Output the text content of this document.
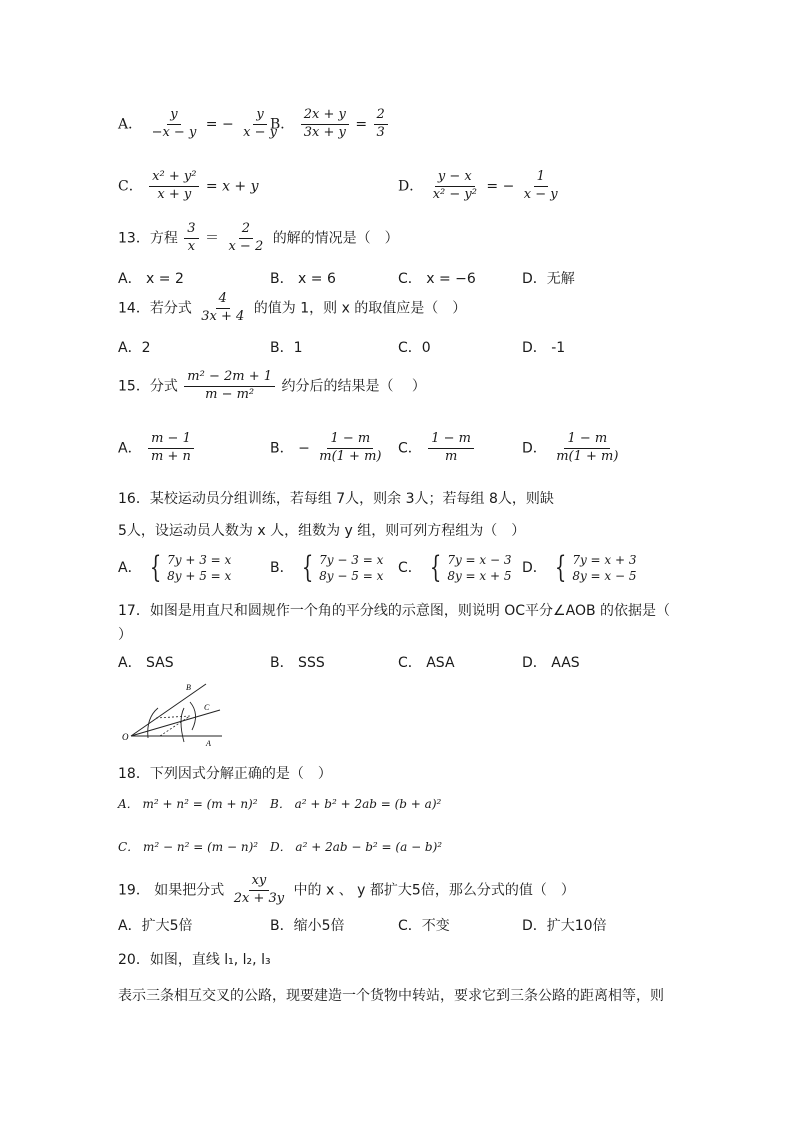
A． $\frac{y}{-x - y}$ = − $\frac{y}{x - y}$
B． $\frac{2x + y}{3x + y} = \frac{2}{3}$
C． $\frac{\text{x² + y²}}{x + y} = x + y$	D． $\frac{y - x}{\text{x² − y²}}$ = − $\frac{1}{x - y}$
13．方程 $\frac{3}{x} = \frac{2}{x - 2}$ 的解的情况是（　）
A． x = 2	B． x = 6	C． x = −6	D．无解
14．若分式 $\frac{4}{3x + 4}$ 的值为 1，则 x 的取值应是（　）
A．2	B．1	C．0	D． -1
15．分式 $\frac{\text{m² − 2m + 1}}{\text{m − m²}}$ 约分后的结果是（　 ）
A． $\frac{m - 1}{m + n}$	B． − $\frac{1 - m}{m(1 + m)}$ C． $\frac{1 - m}{m}$	D． $\frac{1 - m}{m(1 + m)}$
16．某校运动员分组训练，若每组 7人，则余 3人；若每组 8人，则缺
5人，设运动员人数为 x 人，组数为 y 组，则可列方程组为（　）
A． { 7y + 3 = x
8y + 5 = x	B． { 7y − 3 = x
8y − 5 = x C． { 7y = x − 3
8y = x + 5 D． { 7y = x + 3
8y = x − 5
17．如图是用直尺和圆规作一个角的平分线的示意图，则说明 OC平分∠AOB 的依据是（
）
A． SAS	B． SSS	C． ASA	D． AAS
O
A
B
C
18．下列因式分解正确的是（　）
A． m² + n² = (m + n)² B． a² + b² + 2ab = (b + a)²
C． m² − n² = (m − n)² D． a² + 2ab − b² = (a − b)²
19． 如果把分式 $\frac{xy}{2x + 3y}$ 中的 x 、 y 都扩大5倍，那么分式的值（　）
A．扩大5倍	B．缩小5倍	C．不变	D．扩大10倍
20．如图，直线 l₁, l₂, l₃
表示三条相互交叉的公路，现要建造一个货物中转站，要求它到三条公路的距离相等，则
